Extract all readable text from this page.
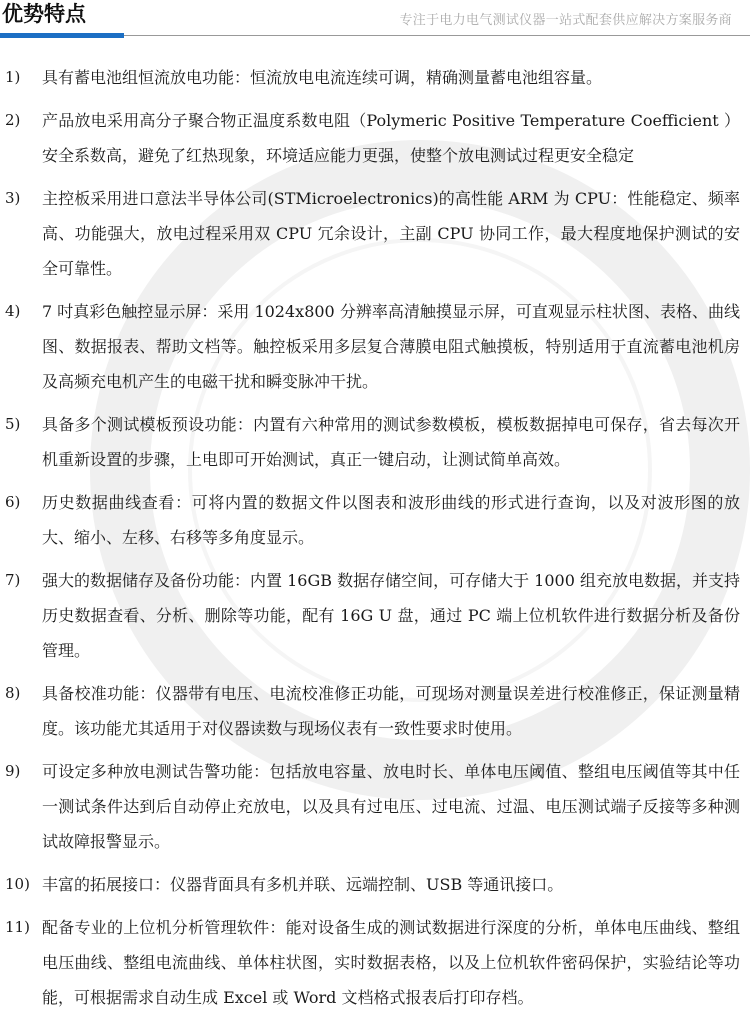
优势特点	专注于电力电气测试仪器一站式配套供应解决方案服务商
1) 具有蓄电池组恒流放电功能：恒流放电电流连续可调，精确测量蓄电池组容量。
2) 产品放电采用高分子聚合物正温度系数电阻（Polymeric Positive Temperature Coefficient ）安全系数高，避免了红热现象，环境适应能力更强，使整个放电测试过程更安全稳定
3) 主控板采用进口意法半导体公司(STMicroelectronics)的高性能 ARM 为 CPU：性能稳定、频率高、功能强大，放电过程采用双 CPU 冗余设计，主副 CPU 协同工作，最大程度地保护测试的安全可靠性。
4) 7 吋真彩色触控显示屏：采用 1024x800 分辨率高清触摸显示屏，可直观显示柱状图、表格、曲线图、数据报表、帮助文档等。触控板采用多层复合薄膜电阻式触摸板，特别适用于直流蓄电池机房及高频充电机产生的电磁干扰和瞬变脉冲干扰。
5) 具备多个测试模板预设功能：内置有六种常用的测试参数模板，模板数据掉电可保存，省去每次开机重新设置的步骤，上电即可开始测试，真正一键启动，让测试简单高效。
6) 历史数据曲线查看：可将内置的数据文件以图表和波形曲线的形式进行查询，以及对波形图的放大、缩小、左移、右移等多角度显示。
7) 强大的数据储存及备份功能：内置 16GB 数据存储空间，可存储大于 1000 组充放电数据，并支持历史数据查看、分析、删除等功能，配有 16G U 盘，通过 PC 端上位机软件进行数据分析及备份管理。
8) 具备校准功能：仪器带有电压、电流校准修正功能，可现场对测量误差进行校准修正，保证测量精度。该功能尤其适用于对仪器读数与现场仪表有一致性要求时使用。
9) 可设定多种放电测试告警功能：包括放电容量、放电时长、单体电压阈值、整组电压阈值等其中任一测试条件达到后自动停止充放电，以及具有过电压、过电流、过温、电压测试端子反接等多种测试故障报警显示。
10) 丰富的拓展接口：仪器背面具有多机并联、远端控制、USB 等通讯接口。
11) 配备专业的上位机分析管理软件：能对设备生成的测试数据进行深度的分析，单体电压曲线、整组电压曲线、整组电流曲线、单体柱状图，实时数据表格，以及上位机软件密码保护，实验结论等功能，可根据需求自动生成 Excel 或 Word 文档格式报表后打印存档。
